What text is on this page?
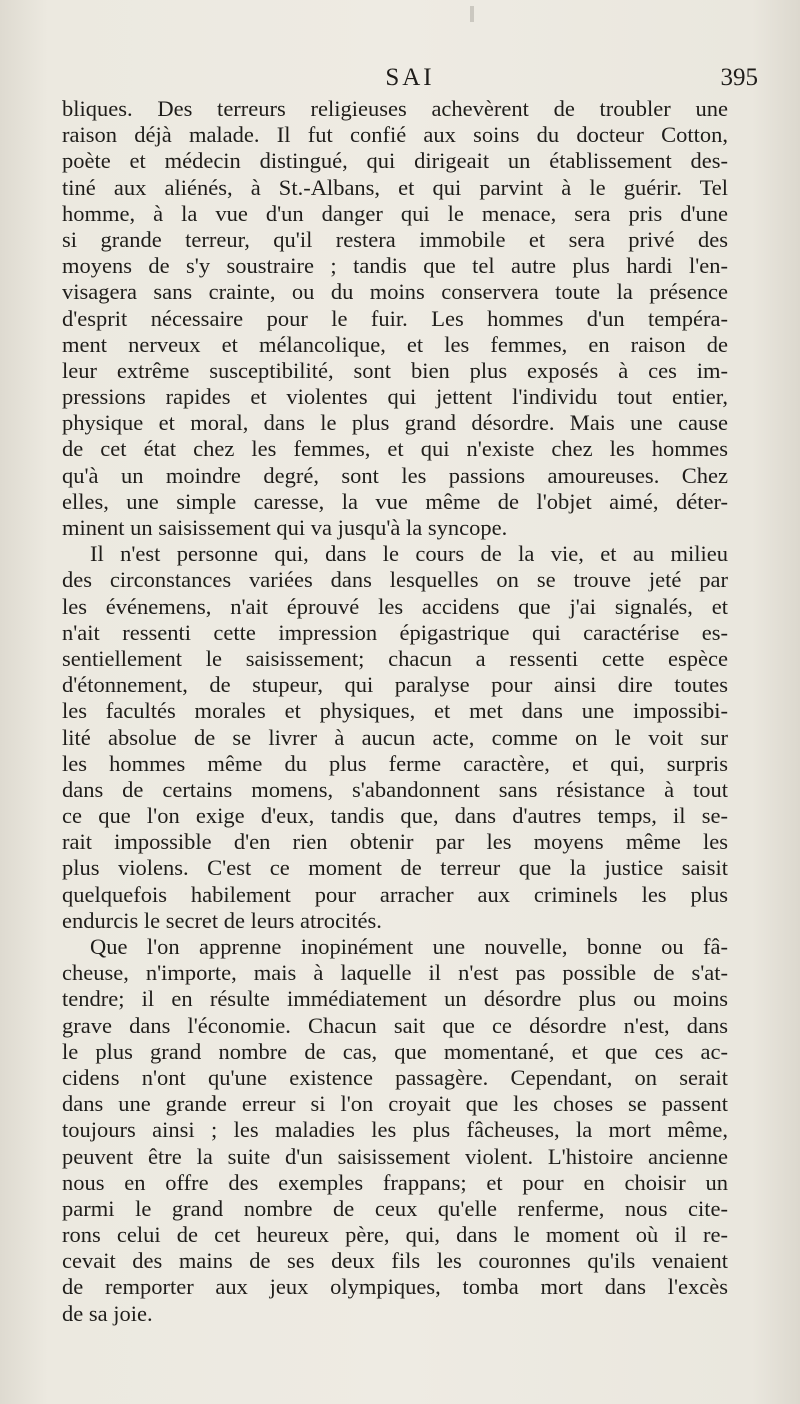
SAI	395
bliques. Des terreurs religieuses achevèrent de troubler une
raison déjà malade. Il fut confié aux soins du docteur Cotton,
poète et médecin distingué, qui dirigeait un établissement des-
tiné aux aliénés, à St.-Albans, et qui parvint à le guérir. Tel
homme, à la vue d'un danger qui le menace, sera pris d'une
si grande terreur, qu'il restera immobile et sera privé des
moyens de s'y soustraire ; tandis que tel autre plus hardi l'en-
visagera sans crainte, ou du moins conservera toute la présence
d'esprit nécessaire pour le fuir. Les hommes d'un tempéra-
ment nerveux et mélancolique, et les femmes, en raison de
leur extrême susceptibilité, sont bien plus exposés à ces im-
pressions rapides et violentes qui jettent l'individu tout entier,
physique et moral, dans le plus grand désordre. Mais une cause
de cet état chez les femmes, et qui n'existe chez les hommes
qu'à un moindre degré, sont les passions amoureuses. Chez
elles, une simple caresse, la vue même de l'objet aimé, déter-
minent un saisissement qui va jusqu'à la syncope.
Il n'est personne qui, dans le cours de la vie, et au milieu
des circonstances variées dans lesquelles on se trouve jeté par
les événemens, n'ait éprouvé les accidens que j'ai signalés, et
n'ait ressenti cette impression épigastrique qui caractérise es-
sentiellement le saisissement; chacun a ressenti cette espèce
d'étonnement, de stupeur, qui paralyse pour ainsi dire toutes
les facultés morales et physiques, et met dans une impossibi-
lité absolue de se livrer à aucun acte, comme on le voit sur
les hommes même du plus ferme caractère, et qui, surpris
dans de certains momens, s'abandonnent sans résistance à tout
ce que l'on exige d'eux, tandis que, dans d'autres temps, il se-
rait impossible d'en rien obtenir par les moyens même les
plus violens. C'est ce moment de terreur que la justice saisit
quelquefois habilement pour arracher aux criminels les plus
endurcis le secret de leurs atrocités.
Que l'on apprenne inopinément une nouvelle, bonne ou fâ-
cheuse, n'importe, mais à laquelle il n'est pas possible de s'at-
tendre; il en résulte immédiatement un désordre plus ou moins
grave dans l'économie. Chacun sait que ce désordre n'est, dans
le plus grand nombre de cas, que momentané, et que ces ac-
cidens n'ont qu'une existence passagère. Cependant, on serait
dans une grande erreur si l'on croyait que les choses se passent
toujours ainsi ; les maladies les plus fâcheuses, la mort même,
peuvent être la suite d'un saisissement violent. L'histoire ancienne
nous en offre des exemples frappans; et pour en choisir un
parmi le grand nombre de ceux qu'elle renferme, nous cite-
rons celui de cet heureux père, qui, dans le moment où il re-
cevait des mains de ses deux fils les couronnes qu'ils venaient
de remporter aux jeux olympiques, tomba mort dans l'excès
de sa joie.
